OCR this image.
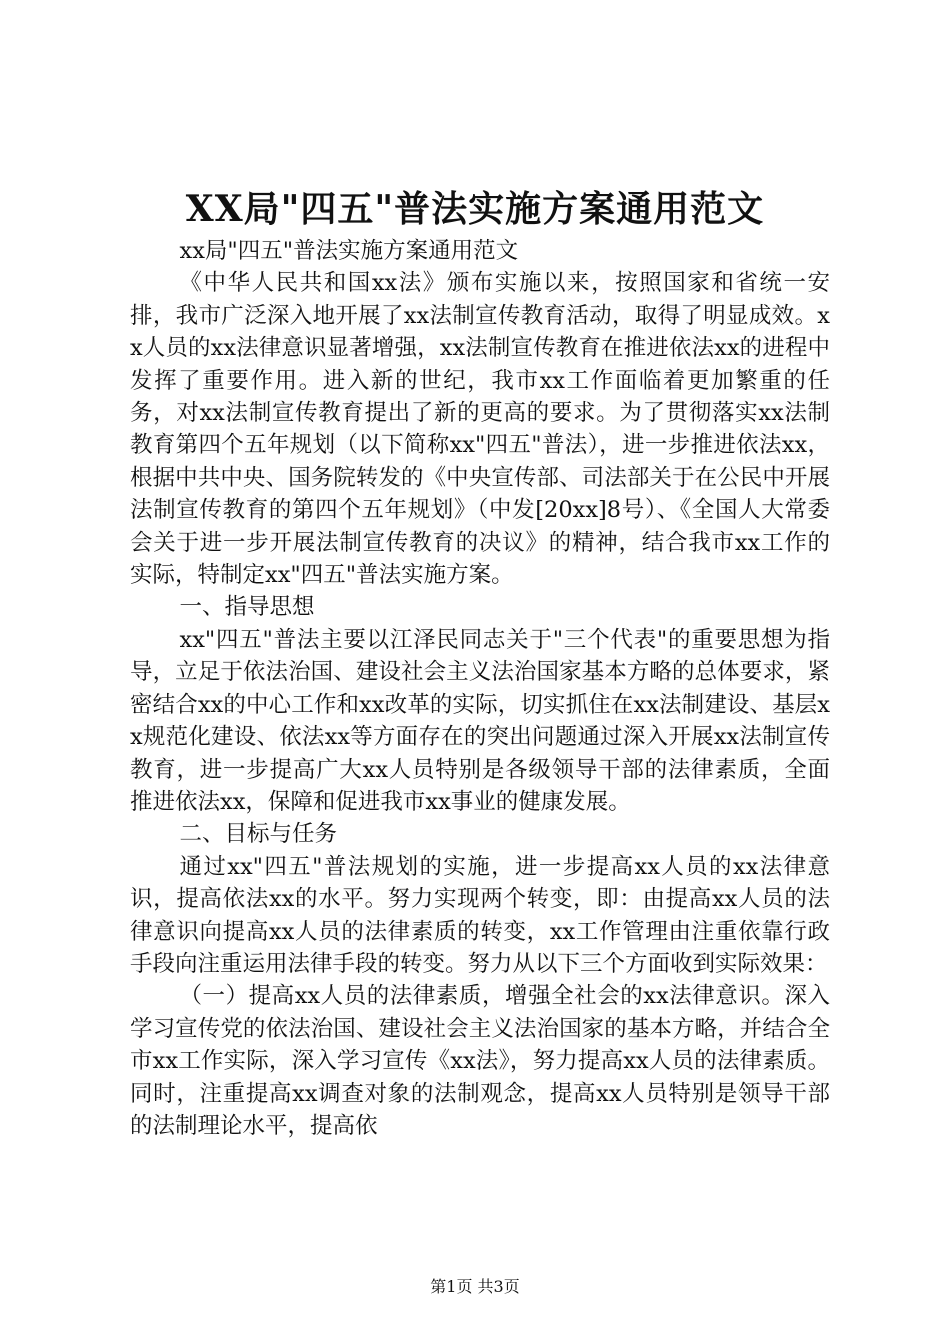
XX局"四五"普法实施方案通用范文

xx局"四五"普法实施方案通用范文

《中华人民共和国xx法》颁布实施以来，按照国家和省统一安排，我市广泛深入地开展了xx法制宣传教育活动，取得了明显成效。xx人员的xx法律意识显著增强，xx法制宣传教育在推进依法xx的进程中发挥了重要作用。进入新的世纪，我市xx工作面临着更加繁重的任务，对xx法制宣传教育提出了新的更高的要求。为了贯彻落实xx法制教育第四个五年规划（以下简称xx"四五"普法），进一步推进依法xx，根据中共中央、国务院转发的《中央宣传部、司法部关于在公民中开展法制宣传教育的第四个五年规划》（中发[20xx]8号）、《全国人大常委会关于进一步开展法制宣传教育的决议》的精神，结合我市xx工作的实际，特制定xx"四五"普法实施方案。

一、指导思想

xx"四五"普法主要以江泽民同志关于"三个代表"的重要思想为指导，立足于依法治国、建设社会主义法治国家基本方略的总体要求，紧密结合xx的中心工作和xx改革的实际，切实抓住在xx法制建设、基层xx规范化建设、依法xx等方面存在的突出问题通过深入开展xx法制宣传教育，进一步提高广大xx人员特别是各级领导干部的法律素质，全面推进依法xx，保障和促进我市xx事业的健康发展。

二、目标与任务

通过xx"四五"普法规划的实施，进一步提高xx人员的xx法律意识，提高依法xx的水平。努力实现两个转变，即：由提高xx人员的法律意识向提高xx人员的法律素质的转变，xx工作管理由注重依靠行政手段向注重运用法律手段的转变。努力从以下三个方面收到实际效果：

（一）提高xx人员的法律素质，增强全社会的xx法律意识。深入学习宣传党的依法治国、建设社会主义法治国家的基本方略，并结合全市xx工作实际，深入学习宣传《xx法》，努力提高xx人员的法律素质。同时，注重提高xx调查对象的法制观念，提高xx人员特别是领导干部的法制理论水平，提高依

第1页 共3页
